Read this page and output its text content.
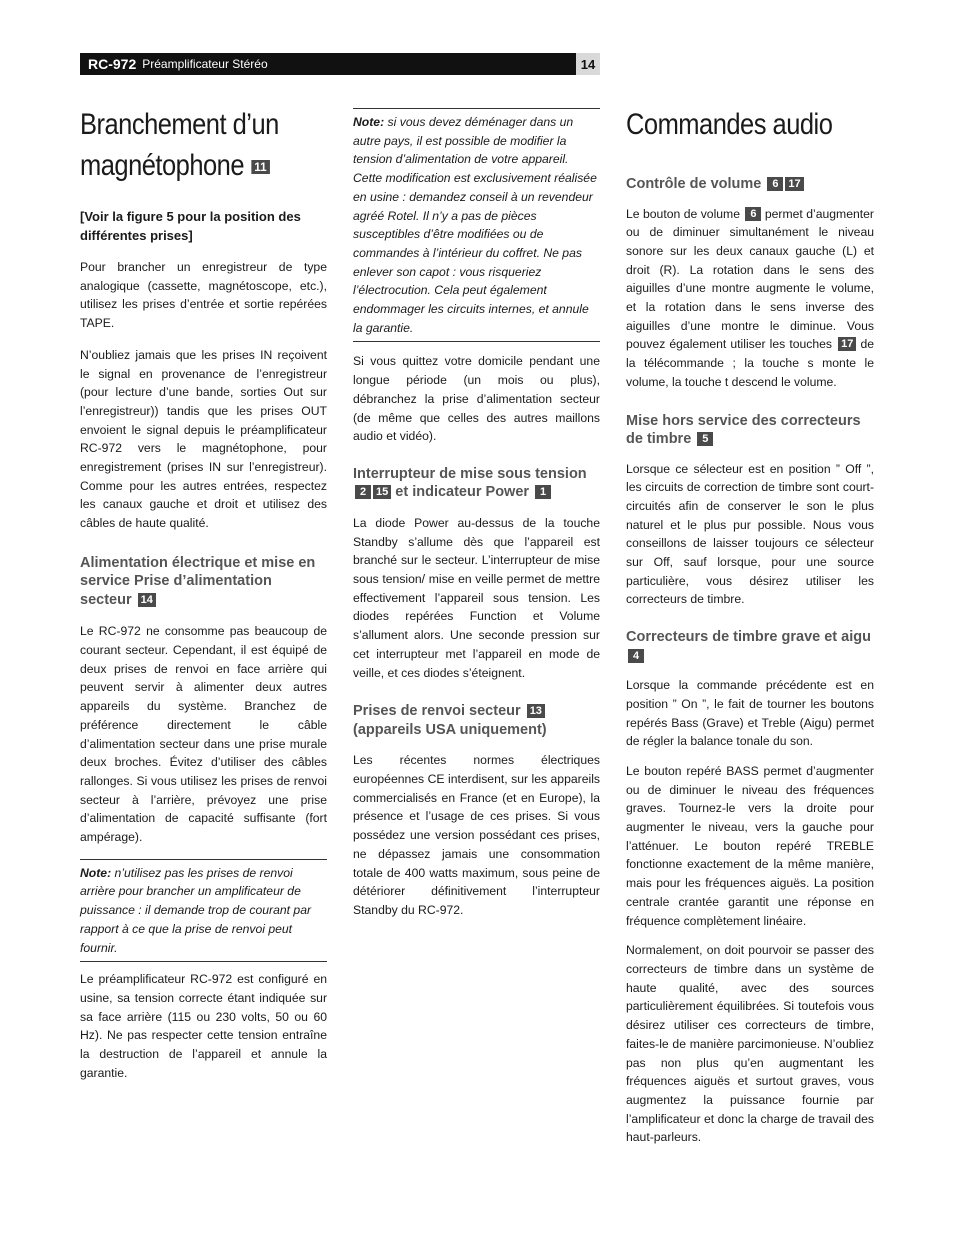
RC-972 Préamplificateur Stéréo	14
Branchement d’un
magnétophone 11

[Voir la figure 5 pour la position des différentes prises]

Pour brancher un enregistreur de type analogique (cassette, magnétoscope, etc.), utilisez les prises d’entrée et sortie repérées TAPE.

N’oubliez jamais que les prises IN reçoivent le signal en provenance de l’enregistreur (pour lecture d’une bande, sorties Out sur l’enregistreur)) tandis que les prises OUT envoient le signal depuis le préamplificateur RC-972 vers le magnétophone, pour enregistrement (prises IN sur l’enregistreur). Comme pour les autres entrées, respectez les canaux gauche et droit et utilisez des câbles de haute qualité.

Alimentation électrique et mise en service Prise d’alimentation secteur 14

Le RC-972 ne consomme pas beaucoup de courant secteur. Cependant, il est équipé de deux prises de renvoi en face arrière qui peuvent servir à alimenter deux autres appareils du système. Branchez de préférence directement le câble d’alimentation secteur dans une prise murale deux broches. Évitez d’utiliser des câbles rallonges. Si vous utilisez les prises de renvoi secteur à l’arrière, prévoyez une prise d’alimentation de capacité suffisante (fort ampérage).

Note: n’utilisez pas les prises de renvoi arrière pour brancher un amplificateur de puissance : il demande trop de courant par rapport à ce que la prise de renvoi peut fournir.

Le préamplificateur RC-972 est configuré en usine, sa tension correcte étant indiquée sur sa face arrière (115 ou 230 volts, 50 ou 60 Hz). Ne pas respecter cette tension entraîne la destruction de l’appareil et annule la garantie.

Note: si vous devez déménager dans un autre pays, il est possible de modifier la tension d’alimentation de votre appareil. Cette modification est exclusivement réalisée en usine : demandez conseil à un revendeur agréé Rotel. Il n’y a pas de pièces susceptibles d’être modifiées ou de commandes à l’intérieur du coffret. Ne pas enlever son capot : vous risqueriez l’électrocution. Cela peut également endommager les circuits internes, et annule la garantie.

Si vous quittez votre domicile pendant une longue période (un mois ou plus), débranchez la prise d’alimentation secteur (de même que celles des autres maillons audio et vidéo).

Interrupteur de mise sous tension 2 15 et indicateur Power 1

La diode Power au-dessus de la touche Standby s’allume dès que l’appareil est branché sur le secteur. L’interrupteur de mise sous tension/ mise en veille permet de mettre effectivement l’appareil sous tension. Les diodes repérées Function et Volume s’allument alors. Une seconde pression sur cet interrupteur met l’appareil en mode de veille, et ces diodes s’éteignent.

Prises de renvoi secteur 13 (appareils USA uniquement)

Les récentes normes électriques européennes CE interdisent, sur les appareils commercialisés en France (et en Europe), la présence et l’usage de ces prises. Si vous possédez une version possédant ces prises, ne dépassez jamais une consommation totale de 400 watts maximum, sous peine de détériorer définitivement l’interrupteur Standby du RC-972.

Commandes audio
Contrôle de volume 6 17

Le bouton de volume 6 permet d’augmenter ou de diminuer simultanément le niveau sonore sur les deux canaux gauche (L) et droit (R). La rotation dans le sens des aiguilles d’une montre augmente le volume, et la rotation dans le sens inverse des aiguilles d’une montre le diminue. Vous pouvez également utiliser les touches 17 de la télécommande ; la touche s monte le volume, la touche t descend le volume.

Mise hors service des correcteurs de timbre 5

Lorsque ce sélecteur est en position ” Off ”, les circuits de correction de timbre sont court-circuités afin de conserver le son le plus naturel et le plus pur possible. Nous vous conseillons de laisser toujours ce sélecteur sur Off, sauf lorsque, pour une source particulière, vous désirez utiliser les correcteurs de timbre.

Correcteurs de timbre grave et aigu 4

Lorsque la commande précédente est en position ” On ”, le fait de tourner les boutons repérés Bass (Grave) et Treble (Aigu) permet de régler la balance tonale du son.

Le bouton repéré BASS permet d’augmenter ou de diminuer le niveau des fréquences graves. Tournez-le vers la droite pour augmenter le niveau, vers la gauche pour l’atténuer. Le bouton repéré TREBLE fonctionne exactement de la même manière, mais pour les fréquences aiguës. La position centrale crantée garantit une réponse en fréquence complètement linéaire.

Normalement, on doit pourvoir se passer des correcteurs de timbre dans un système de haute qualité, avec des sources particulièrement équilibrées. Si toutefois vous désirez utiliser ces correcteurs de timbre, faites-le de manière parcimonieuse. N’oubliez pas non plus qu’en augmentant les fréquences aiguës et surtout graves, vous augmentez la puissance fournie par l’amplificateur et donc la charge de travail des haut-parleurs.
